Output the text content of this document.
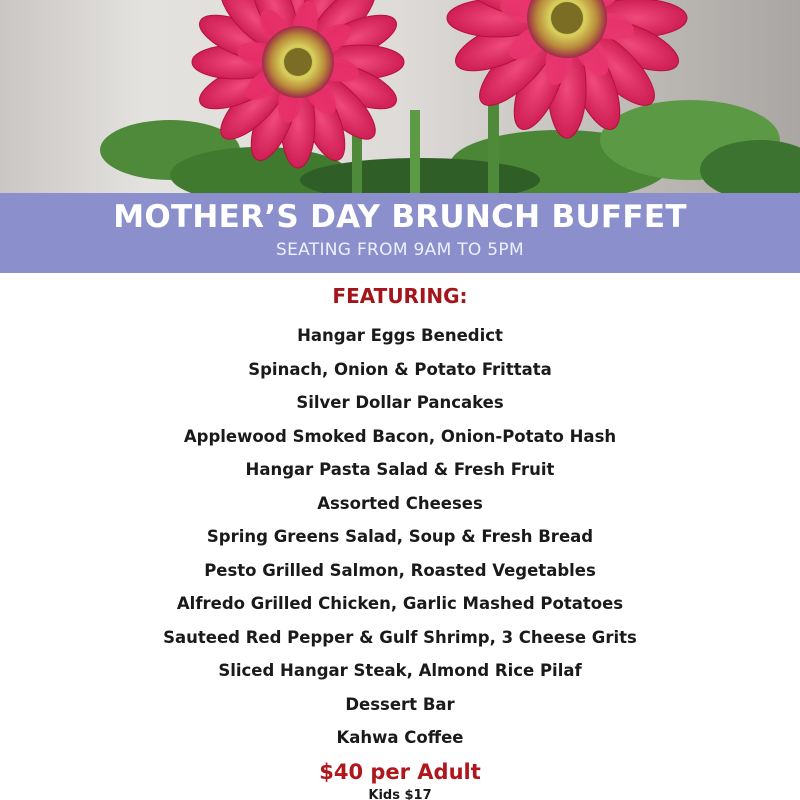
MOTHER’S DAY BRUNCH BUFFET
SEATING FROM 9AM TO 5PM
FEATURING:
Hangar Eggs Benedict
Spinach, Onion & Potato Frittata
Silver Dollar Pancakes
Applewood Smoked Bacon, Onion-Potato Hash
Hangar Pasta Salad & Fresh Fruit
Assorted Cheeses
Spring Greens Salad, Soup & Fresh Bread
Pesto Grilled Salmon, Roasted Vegetables
Alfredo Grilled Chicken, Garlic Mashed Potatoes
Sauteed Red Pepper & Gulf Shrimp, 3 Cheese Grits
Sliced Hangar Steak, Almond Rice Pilaf
Dessert Bar
Kahwa Coffee
$40 per Adult
Kids $17
